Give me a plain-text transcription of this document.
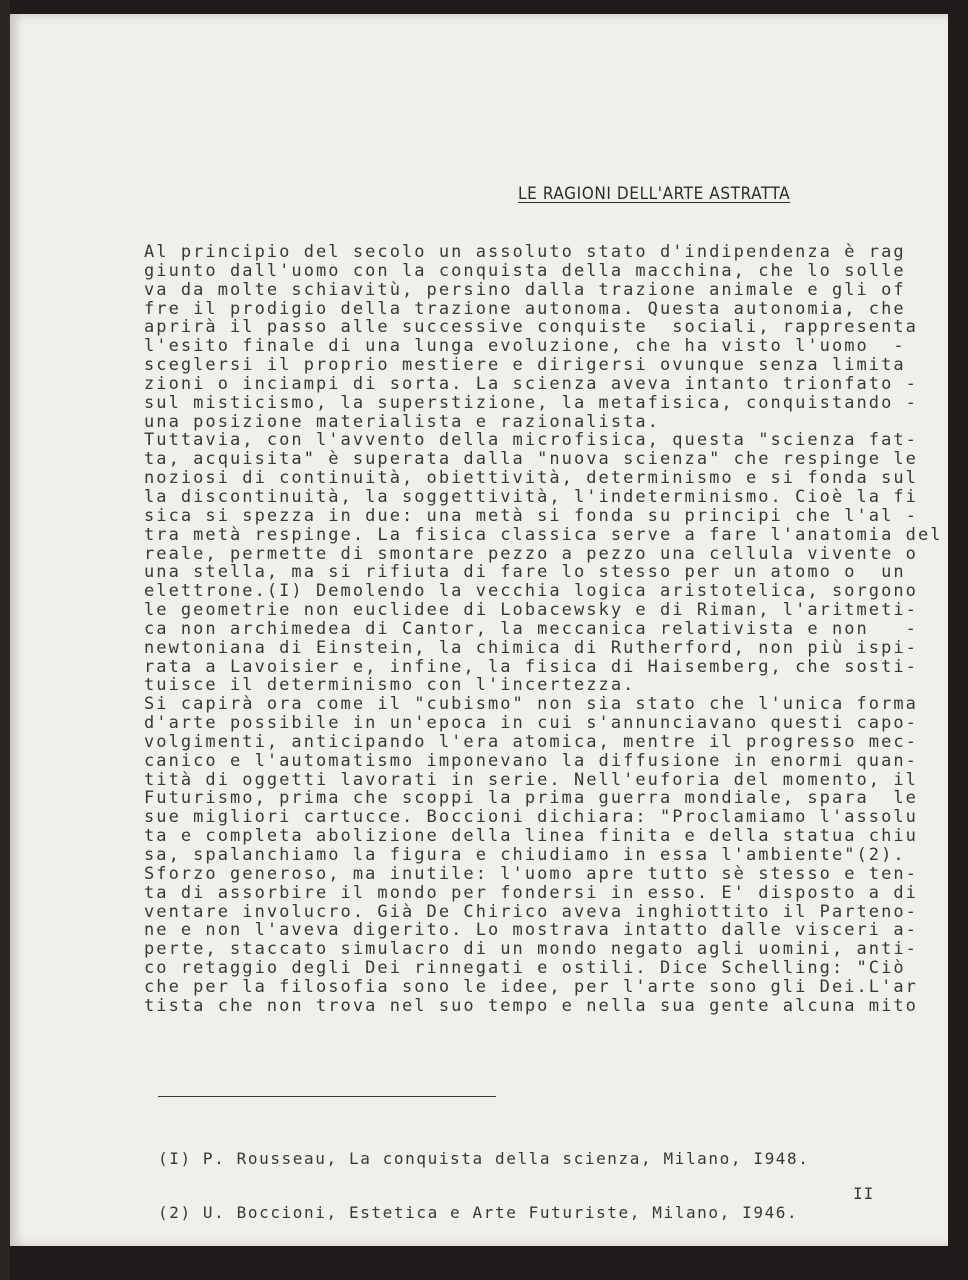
LE RAGIONI DELL'ARTE ASTRATTA
Al principio del secolo un assoluto stato d'indipendenza è rag
giunto dall'uomo con la conquista della macchina, che lo solle
va da molte schiavitù, persino dalla trazione animale e gli of
fre il prodigio della trazione autonoma. Questa autonomia, che
aprirà il passo alle successive conquiste  sociali, rappresenta
l'esito finale di una lunga evoluzione, che ha visto l'uomo  -
sceglersi il proprio mestiere e dirigersi ovunque senza limita
zioni o inciampi di sorta. La scienza aveva intanto trionfato -
sul misticismo, la superstizione, la metafisica, conquistando -
una posizione materialista e razionalista.
Tuttavia, con l'avvento della microfisica, questa "scienza fat-
ta, acquisita" è superata dalla "nuova scienza" che respinge le
noziosi di continuità, obiettività, determinismo e si fonda sul
la discontinuità, la soggettività, l'indeterminismo. Cioè la fi
sica si spezza in due: una metà si fonda su principi che l'al -
tra metà respinge. La fisica classica serve a fare l'anatomia del
reale, permette di smontare pezzo a pezzo una cellula vivente o
una stella, ma si rifiuta di fare lo stesso per un atomo o  un
elettrone.(I) Demolendo la vecchia logica aristotelica, sorgono
le geometrie non euclidee di Lobacewsky e di Riman, l'aritmeti-
ca non archimedea di Cantor, la meccanica relativista e non   -
newtoniana di Einstein, la chimica di Rutherford, non più ispi-
rata a Lavoisier e, infine, la fisica di Haisemberg, che sosti-
tuisce il determinismo con l'incertezza.
Si capirà ora come il "cubismo" non sia stato che l'unica forma
d'arte possibile in un'epoca in cui s'annunciavano questi capo-
volgimenti, anticipando l'era atomica, mentre il progresso mec-
canico e l'automatismo imponevano la diffusione in enormi quan-
tità di oggetti lavorati in serie. Nell'euforia del momento, il
Futurismo, prima che scoppi la prima guerra mondiale, spara  le
sue migliori cartucce. Boccioni dichiara: "Proclamiamo l'assolu
ta e completa abolizione della linea finita e della statua chiu
sa, spalanchiamo la figura e chiudiamo in essa l'ambiente"(2).
Sforzo generoso, ma inutile: l'uomo apre tutto sè stesso e ten-
ta di assorbire il mondo per fondersi in esso. E' disposto a di
ventare involucro. Già De Chirico aveva inghiottito il Parteno-
ne e non l'aveva digerito. Lo mostrava intatto dalle visceri a-
perte, staccato simulacro di un mondo negato agli uomini, anti-
co retaggio degli Dei rinnegati e ostili. Dice Schelling: "Ciò
che per la filosofia sono le idee, per l'arte sono gli Dei.L'ar
tista che non trova nel suo tempo e nella sua gente alcuna mito

(I) P. Rousseau, La conquista della scienza, Milano, I948.

(2) U. Boccioni, Estetica e Arte Futuriste, Milano, I946.

II
